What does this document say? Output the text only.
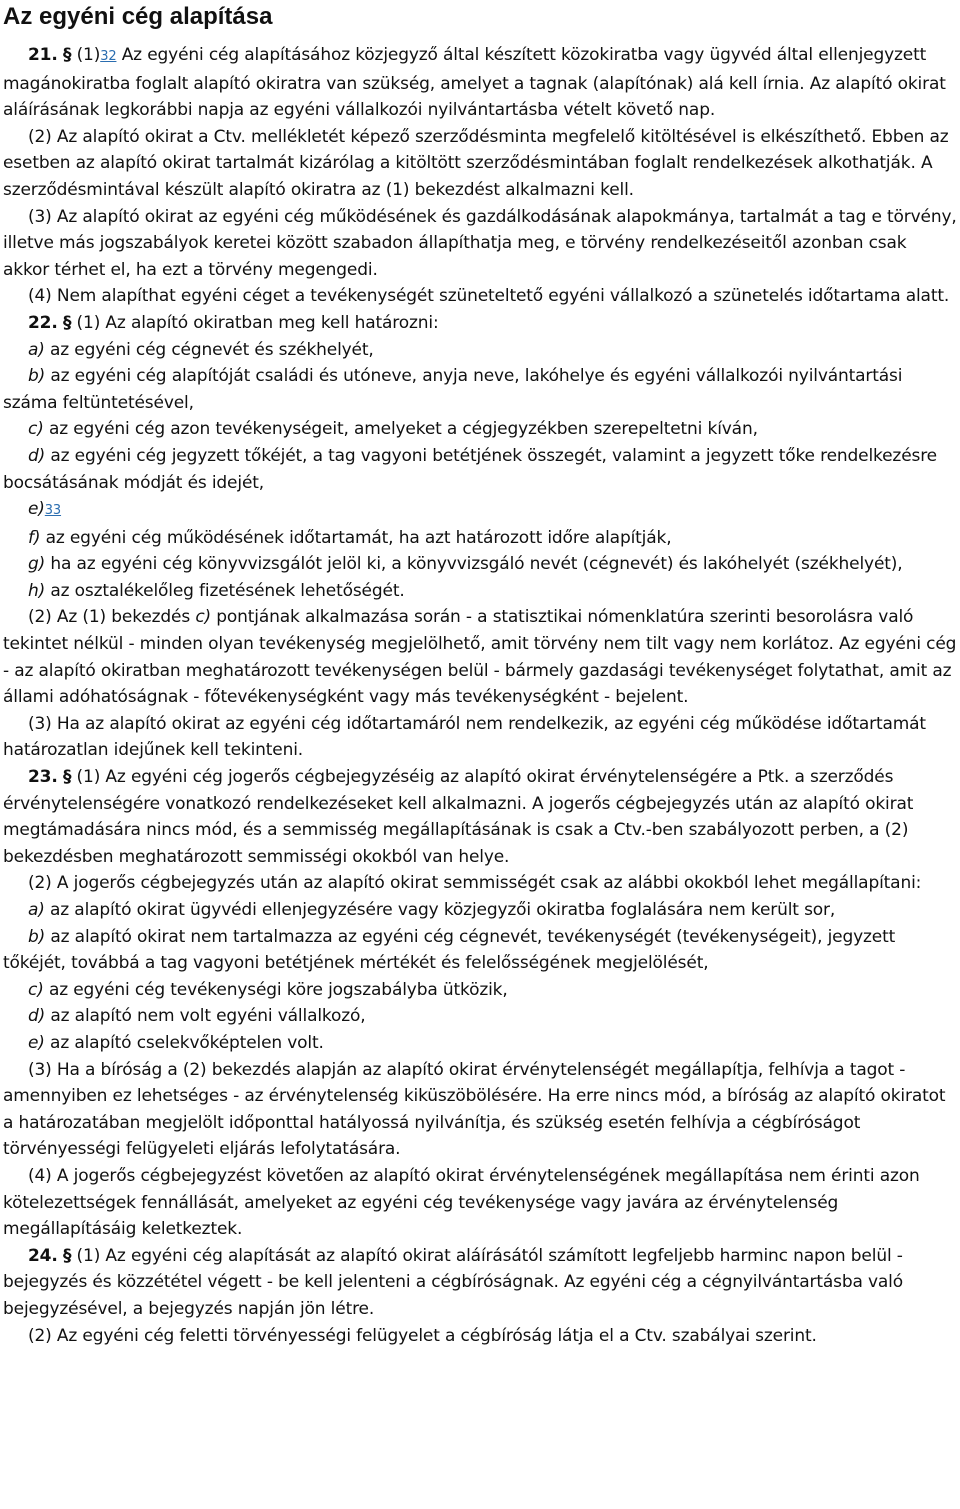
Az egyéni cég alapítása

21. § (1)32 Az egyéni cég alapításához közjegyző által készített közokiratba vagy ügyvéd által ellenjegyzett magánokiratba foglalt alapító okiratra van szükség, amelyet a tagnak (alapítónak) alá kell írnia. Az alapító okirat aláírásának legkorábbi napja az egyéni vállalkozói nyilvántartásba vételt követő nap.

(2) Az alapító okirat a Ctv. mellékletét képező szerződésminta megfelelő kitöltésével is elkészíthető. Ebben az esetben az alapító okirat tartalmát kizárólag a kitöltött szerződésmintában foglalt rendelkezések alkothatják. A szerződésmintával készült alapító okiratra az (1) bekezdést alkalmazni kell.

(3) Az alapító okirat az egyéni cég működésének és gazdálkodásának alapokmánya, tartalmát a tag e törvény, illetve más jogszabályok keretei között szabadon állapíthatja meg, e törvény rendelkezéseitől azonban csak akkor térhet el, ha ezt a törvény megengedi.

(4) Nem alapíthat egyéni céget a tevékenységét szüneteltető egyéni vállalkozó a szünetelés időtartama alatt.

22. § (1) Az alapító okiratban meg kell határozni:

a) az egyéni cég cégnevét és székhelyét,

b) az egyéni cég alapítóját családi és utóneve, anyja neve, lakóhelye és egyéni vállalkozói nyilvántartási száma feltüntetésével,

c) az egyéni cég azon tevékenységeit, amelyeket a cégjegyzékben szerepeltetni kíván,

d) az egyéni cég jegyzett tőkéjét, a tag vagyoni betétjének összegét, valamint a jegyzett tőke rendelkezésre bocsátásának módját és idejét,

e)33

f) az egyéni cég működésének időtartamát, ha azt határozott időre alapítják,

g) ha az egyéni cég könyvvizsgálót jelöl ki, a könyvvizsgáló nevét (cégnevét) és lakóhelyét (székhelyét),

h) az osztalékelőleg fizetésének lehetőségét.

(2) Az (1) bekezdés c) pontjának alkalmazása során - a statisztikai nómenklatúra szerinti besorolásra való tekintet nélkül - minden olyan tevékenység megjelölhető, amit törvény nem tilt vagy nem korlátoz. Az egyéni cég - az alapító okiratban meghatározott tevékenységen belül - bármely gazdasági tevékenységet folytathat, amit az állami adóhatóságnak - főtevékenységként vagy más tevékenységként - bejelent.

(3) Ha az alapító okirat az egyéni cég időtartamáról nem rendelkezik, az egyéni cég működése időtartamát határozatlan idejűnek kell tekinteni.

23. § (1) Az egyéni cég jogerős cégbejegyzéséig az alapító okirat érvénytelenségére a Ptk. a szerződés érvénytelenségére vonatkozó rendelkezéseket kell alkalmazni. A jogerős cégbejegyzés után az alapító okirat megtámadására nincs mód, és a semmisség megállapításának is csak a Ctv.-ben szabályozott perben, a (2) bekezdésben meghatározott semmisségi okokból van helye.

(2) A jogerős cégbejegyzés után az alapító okirat semmisségét csak az alábbi okokból lehet megállapítani:

a) az alapító okirat ügyvédi ellenjegyzésére vagy közjegyzői okiratba foglalására nem került sor,

b) az alapító okirat nem tartalmazza az egyéni cég cégnevét, tevékenységét (tevékenységeit), jegyzett tőkéjét, továbbá a tag vagyoni betétjének mértékét és felelősségének megjelölését,

c) az egyéni cég tevékenységi köre jogszabályba ütközik,

d) az alapító nem volt egyéni vállalkozó,

e) az alapító cselekvőképtelen volt.

(3) Ha a bíróság a (2) bekezdés alapján az alapító okirat érvénytelenségét megállapítja, felhívja a tagot - amennyiben ez lehetséges - az érvénytelenség kiküszöbölésére. Ha erre nincs mód, a bíróság az alapító okiratot a határozatában megjelölt időponttal hatályossá nyilvánítja, és szükség esetén felhívja a cégbíróságot törvényességi felügyeleti eljárás lefolytatására.

(4) A jogerős cégbejegyzést követően az alapító okirat érvénytelenségének megállapítása nem érinti azon kötelezettségek fennállását, amelyeket az egyéni cég tevékenysége vagy javára az érvénytelenség megállapításáig keletkeztek.

24. § (1) Az egyéni cég alapítását az alapító okirat aláírásától számított legfeljebb harminc napon belül - bejegyzés és közzététel végett - be kell jelenteni a cégbíróságnak. Az egyéni cég a cégnyilvántartásba való bejegyzésével, a bejegyzés napján jön létre.

(2) Az egyéni cég feletti törvényességi felügyelet a cégbíróság látja el a Ctv. szabályai szerint.
